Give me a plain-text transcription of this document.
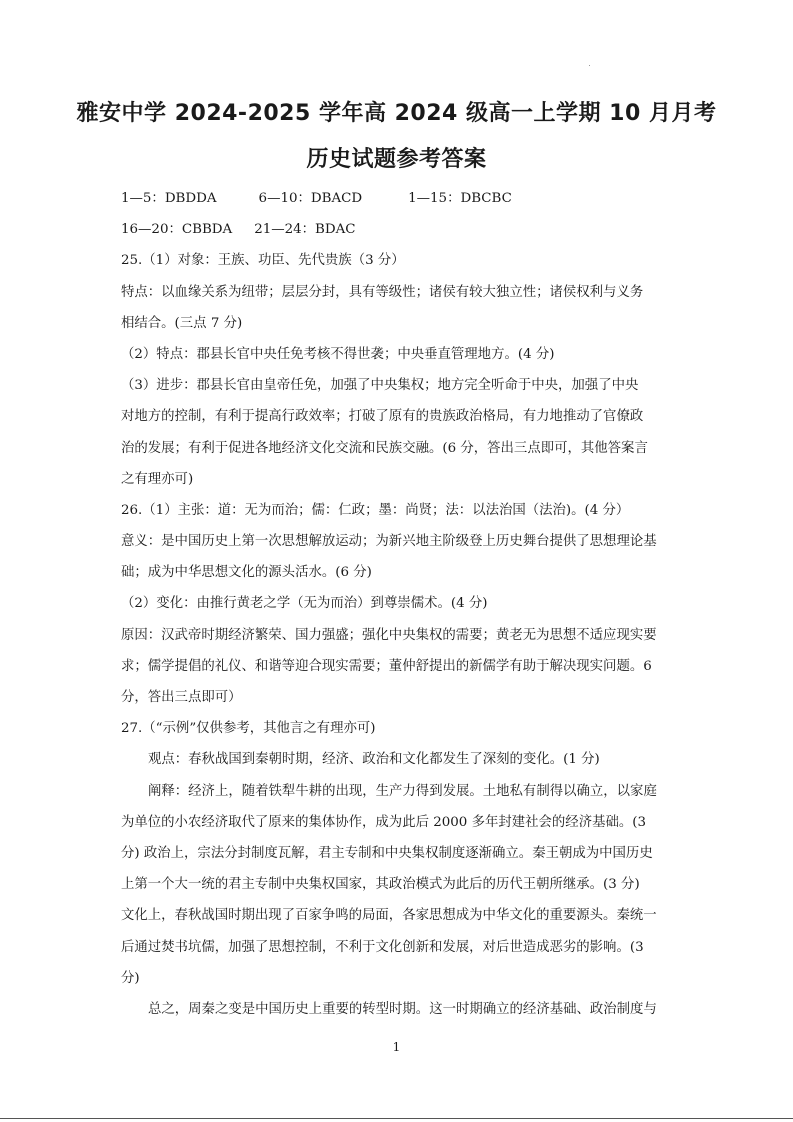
雅安中学 2024-2025 学年高 2024 级高一上学期 10 月月考
历史试题参考答案
1—5：DBDDA	6—10：DBACD	1—15：DBCBC
16—20：CBBDA 21—24：BDAC
25.（1）对象：王族、功臣、先代贵族（3 分）
特点：以血缘关系为纽带；层层分封，具有等级性；诸侯有较大独立性；诸侯权利与义务
相结合。(三点 7 分)
（2）特点：郡县长官中央任免考核不得世袭；中央垂直管理地方。(4 分)
（3）进步：郡县长官由皇帝任免，加强了中央集权；地方完全听命于中央，加强了中央
对地方的控制，有利于提高行政效率；打破了原有的贵族政治格局，有力地推动了官僚政
治的发展；有利于促进各地经济文化交流和民族交融。(6 分，答出三点即可，其他答案言
之有理亦可)
26.（1）主张：道：无为而治；儒：仁政；墨：尚贤；法：以法治国（法治)。(4 分）
意义：是中国历史上第一次思想解放运动；为新兴地主阶级登上历史舞台提供了思想理论基
础；成为中华思想文化的源头活水。(6 分)
（2）变化：由推行黄老之学（无为而治）到尊崇儒术。(4 分)
原因：汉武帝时期经济繁荣、国力强盛；强化中央集权的需要；黄老无为思想不适应现实要
求；儒学提倡的礼仪、和谐等迎合现实需要；董仲舒提出的新儒学有助于解决现实问题。6
分，答出三点即可）
27.（“示例”仅供参考，其他言之有理亦可)
观点：春秋战国到秦朝时期，经济、政治和文化都发生了深刻的变化。(1 分)
阐释：经济上，随着铁犁牛耕的出现，生产力得到发展。土地私有制得以确立，以家庭
为单位的小农经济取代了原来的集体协作，成为此后 2000 多年封建社会的经济基础。(3
分) 政治上，宗法分封制度瓦解，君主专制和中央集权制度逐渐确立。秦王朝成为中国历史
上第一个大一统的君主专制中央集权国家，其政治模式为此后的历代王朝所继承。(3 分)
文化上，春秋战国时期出现了百家争鸣的局面，各家思想成为中华文化的重要源头。秦统一
后通过焚书坑儒，加强了思想控制，不利于文化创新和发展，对后世造成恶劣的影响。(3
分)
总之，周秦之变是中国历史上重要的转型时期。这一时期确立的经济基础、政治制度与
1
